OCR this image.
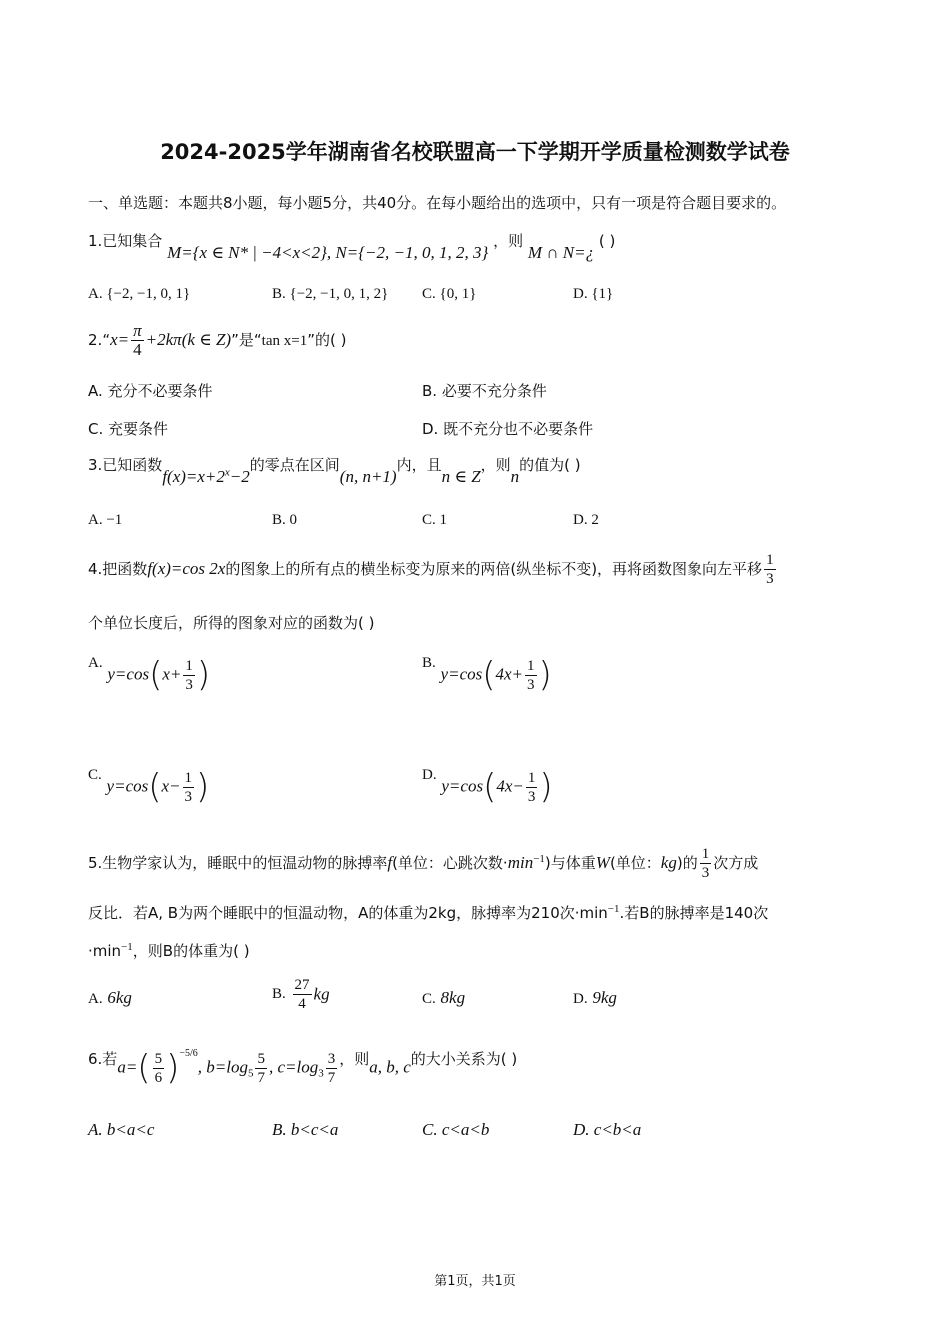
2024-2025学年湖南省名校联盟高一下学期开学质量检测数学试卷
一、单选题：本题共8小题，每小题5分，共40分。在每小题给出的选项中，只有一项是符合题目要求的。
1.已知集合 M={x ∈ N* | −4<x<2}, N={−2, −1, 0, 1, 2, 3} ，则 M ∩ N=¿ ( )
A. {−2, −1, 0, 1}	B. {−2, −1, 0, 1, 2} C. {0, 1}	D. {1}
2.“x= $\frac{\pi}{4} +2k\pi(k$ ∈ Z)”是“tan x=1”的( )
A. 充分不必要条件	B. 必要不充分条件
C. 充要条件	D. 既不充分也不必要条件
3.已知函数$f(x)=x+2^x-2$的零点在区间(n, n+1)内，且n ∈ Z，则n的值为( )
A. −1	B. 0	C. 1	D. 2
4.把函数f(x)=cos 2x的图象上的所有点的横坐标变为原来的两倍(纵坐标不变)，再将函数图象向左平移 $\frac{1}{3}$
个单位长度后，所得的图象对应的函数为( )
A. $y=\cos(x+ \frac{1}{3}$ )	B. $y=\cos(4x+ \frac{1}{3}$ )
C. $y=\cos(x- \frac{1}{3}$ )	D. $y=\cos(4x- \frac{1}{3}$ )
5.生物学家认为，睡眠中的恒温动物的脉搏率f(单位：心跳次数$\cdot\min^{-1}$)与体重W(单位：kg)的 $\frac{1}{3}$ 次方成
反比．若A, B为两个睡眠中的恒温动物，A的体重为2kg，脉搏率为210次$\cdot\min^{-1}$.若B的脉搏率是140次
$\cdot\min^{-1}$，则B的体重为( )
A. 6kg	B. $\frac{27}{4}$ kg	C. 8kg	D. 9kg
6.若$a=( \frac{5}{6} )^{-5/6}$, $b=\log_5 \frac{5}{7}$ , $c=\log_3 \frac{3}{7}$ ，则a, b, c的大小关系为( )
A. b<a<c	B. b<c<a	C. c<a<b	D. c<b<a
第1页，共1页
